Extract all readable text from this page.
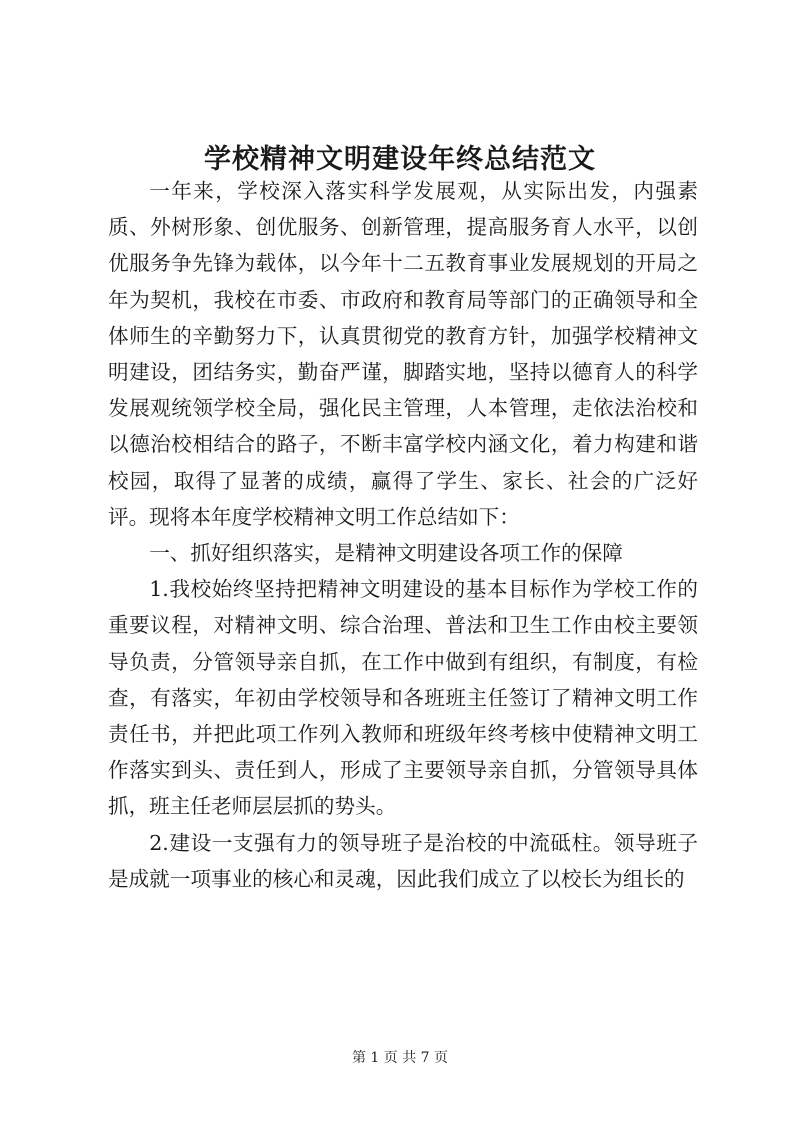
学校精神文明建设年终总结范文

一年来，学校深入落实科学发展观，从实际出发，内强素质、外树形象、创优服务、创新管理，提高服务育人水平，以创优服务争先锋为载体，以今年十二五教育事业发展规划的开局之年为契机，我校在市委、市政府和教育局等部门的正确领导和全体师生的辛勤努力下，认真贯彻党的教育方针，加强学校精神文明建设，团结务实，勤奋严谨，脚踏实地，坚持以德育人的科学发展观统领学校全局，强化民主管理，人本管理，走依法治校和以德治校相结合的路子，不断丰富学校内涵文化，着力构建和谐校园，取得了显著的成绩，赢得了学生、家长、社会的广泛好评。现将本年度学校精神文明工作总结如下：

一、抓好组织落实，是精神文明建设各项工作的保障

1.我校始终坚持把精神文明建设的基本目标作为学校工作的重要议程，对精神文明、综合治理、普法和卫生工作由校主要领导负责，分管领导亲自抓，在工作中做到有组织，有制度，有检查，有落实，年初由学校领导和各班班主任签订了精神文明工作责任书，并把此项工作列入教师和班级年终考核中使精神文明工作落实到头、责任到人，形成了主要领导亲自抓，分管领导具体抓，班主任老师层层抓的势头。

2.建设一支强有力的领导班子是治校的中流砥柱。领导班子是成就一项事业的核心和灵魂，因此我们成立了以校长为组长的

第 1 页 共 7 页
